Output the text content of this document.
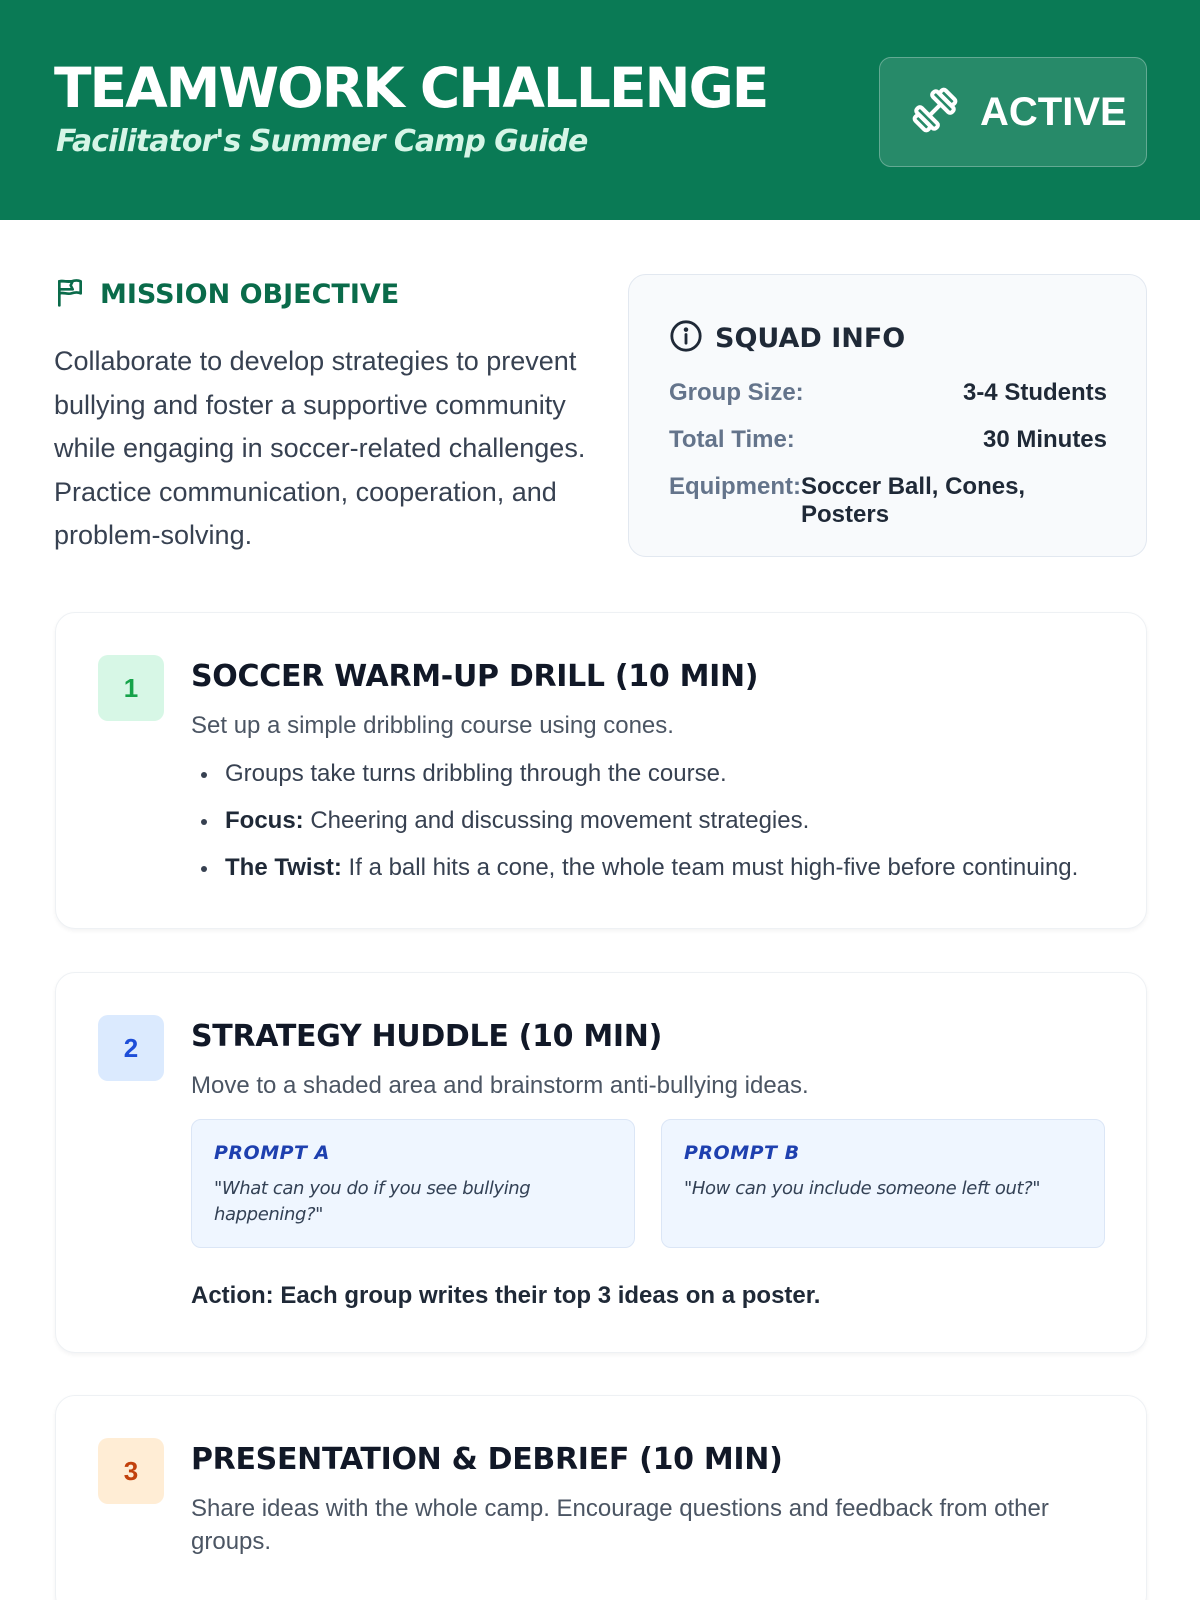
TEAMWORK CHALLENGE
Facilitator's Summer Camp Guide
ACTIVE
MISSION OBJECTIVE
Collaborate to develop strategies to prevent bullying and foster a supportive community while engaging in soccer-related challenges. Practice communication, cooperation, and problem-solving.
SQUAD INFO
Group Size:	3-4 Students
Total Time:	30 Minutes
Equipment: Soccer Ball, Cones, Posters
1	SOCCER WARM-UP DRILL (10 MIN)
Set up a simple dribbling course using cones.
Groups take turns dribbling through the course.
Focus: Cheering and discussing movement strategies.
The Twist: If a ball hits a cone, the whole team must high-five before continuing.
2	STRATEGY HUDDLE (10 MIN)
Move to a shaded area and brainstorm anti-bullying ideas.
PROMPT A
"What can you do if you see bullying happening?"
PROMPT B
"How can you include someone left out?"
Action: Each group writes their top 3 ideas on a poster.
3	PRESENTATION & DEBRIEF (10 MIN)
Share ideas with the whole camp. Encourage questions and feedback from other groups.
